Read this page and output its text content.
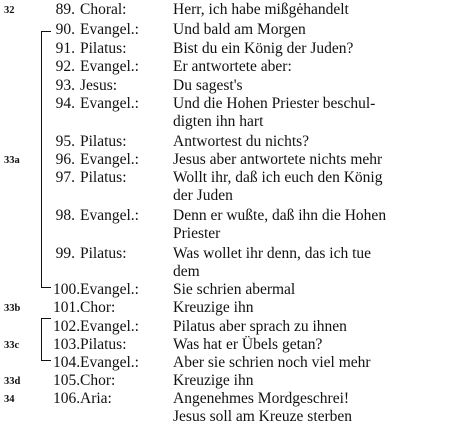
32	89. Choral:	Herr, ich habe mißgehandelt
90. Evangel.: Und bald am Morgen
91. Pilatus:	Bist du ein König der Juden?
92. Evangel.: Er antwortete aber:
93. Jesus:	Du sagest's
94. Evangel.: Und die Hohen Priester beschul-
digten ihn hart
95. Pilatus:	Antwortest du nichts?
33a 96. Evangel.: Jesus aber antwortete nichts mehr
97. Pilatus:	Wollt ihr, daß ich euch den König
der Juden
98. Evangel.: Denn er wußte, daß ihn die Hohen
Priester
99. Pilatus:	Was wollet ihr denn, das ich tue
dem
100. Evangel.: Sie schrien abermal
33b 101. Chor:	Kreuzige ihn
102. Evangel.: Pilatus aber sprach zu ihnen
33c 103. Pilatus:	Was hat er Übels getan?
104. Evangel.: Aber sie schrien noch viel mehr
33d 105. Chor:	Kreuzige ihn
34 106. Aria:	Angenehmes Mordgeschrei!
Jesus soll am Kreuze sterben
